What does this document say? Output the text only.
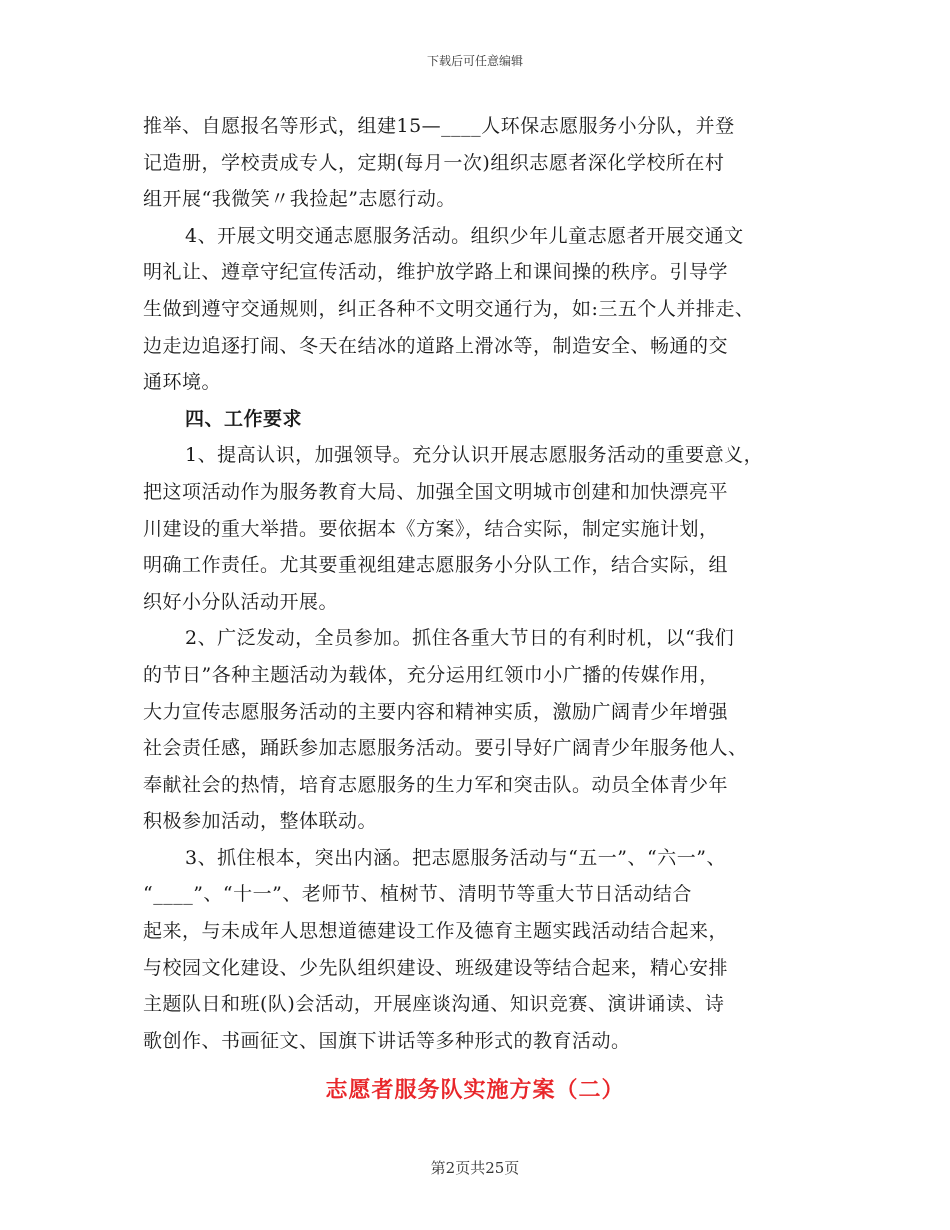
下载后可任意编辑
推举、自愿报名等形式，组建15—____人环保志愿服务小分队，并登
记造册，学校责成专人，定期(每月一次)组织志愿者深化学校所在村
组开展“我微笑〃我捡起”志愿行动。
4、开展文明交通志愿服务活动。组织少年儿童志愿者开展交通文
明礼让、遵章守纪宣传活动，维护放学路上和课间操的秩序。引导学
生做到遵守交通规则，纠正各种不文明交通行为，如:三五个人并排走、
边走边追逐打闹、冬天在结冰的道路上滑冰等，制造安全、畅通的交
通环境。
四、工作要求
1、提高认识，加强领导。充分认识开展志愿服务活动的重要意义，
把这项活动作为服务教育大局、加强全国文明城市创建和加快漂亮平
川建设的重大举措。要依据本《方案》，结合实际，制定实施计划，
明确工作责任。尤其要重视组建志愿服务小分队工作，结合实际，组
织好小分队活动开展。
2、广泛发动，全员参加。抓住各重大节日的有利时机，以“我们
的节日”各种主题活动为载体，充分运用红领巾小广播的传媒作用，
大力宣传志愿服务活动的主要内容和精神实质，激励广阔青少年增强
社会责任感，踊跃参加志愿服务活动。要引导好广阔青少年服务他人、
奉献社会的热情，培育志愿服务的生力军和突击队。动员全体青少年
积极参加活动，整体联动。
3、抓住根本，突出内涵。把志愿服务活动与“五一”、“六一”、
“____”、“十一”、老师节、植树节、清明节等重大节日活动结合
起来，与未成年人思想道德建设工作及德育主题实践活动结合起来，
与校园文化建设、少先队组织建设、班级建设等结合起来，精心安排
主题队日和班(队)会活动，开展座谈沟通、知识竞赛、演讲诵读、诗
歌创作、书画征文、国旗下讲话等多种形式的教育活动。
志愿者服务队实施方案（二）
第2页共25页
